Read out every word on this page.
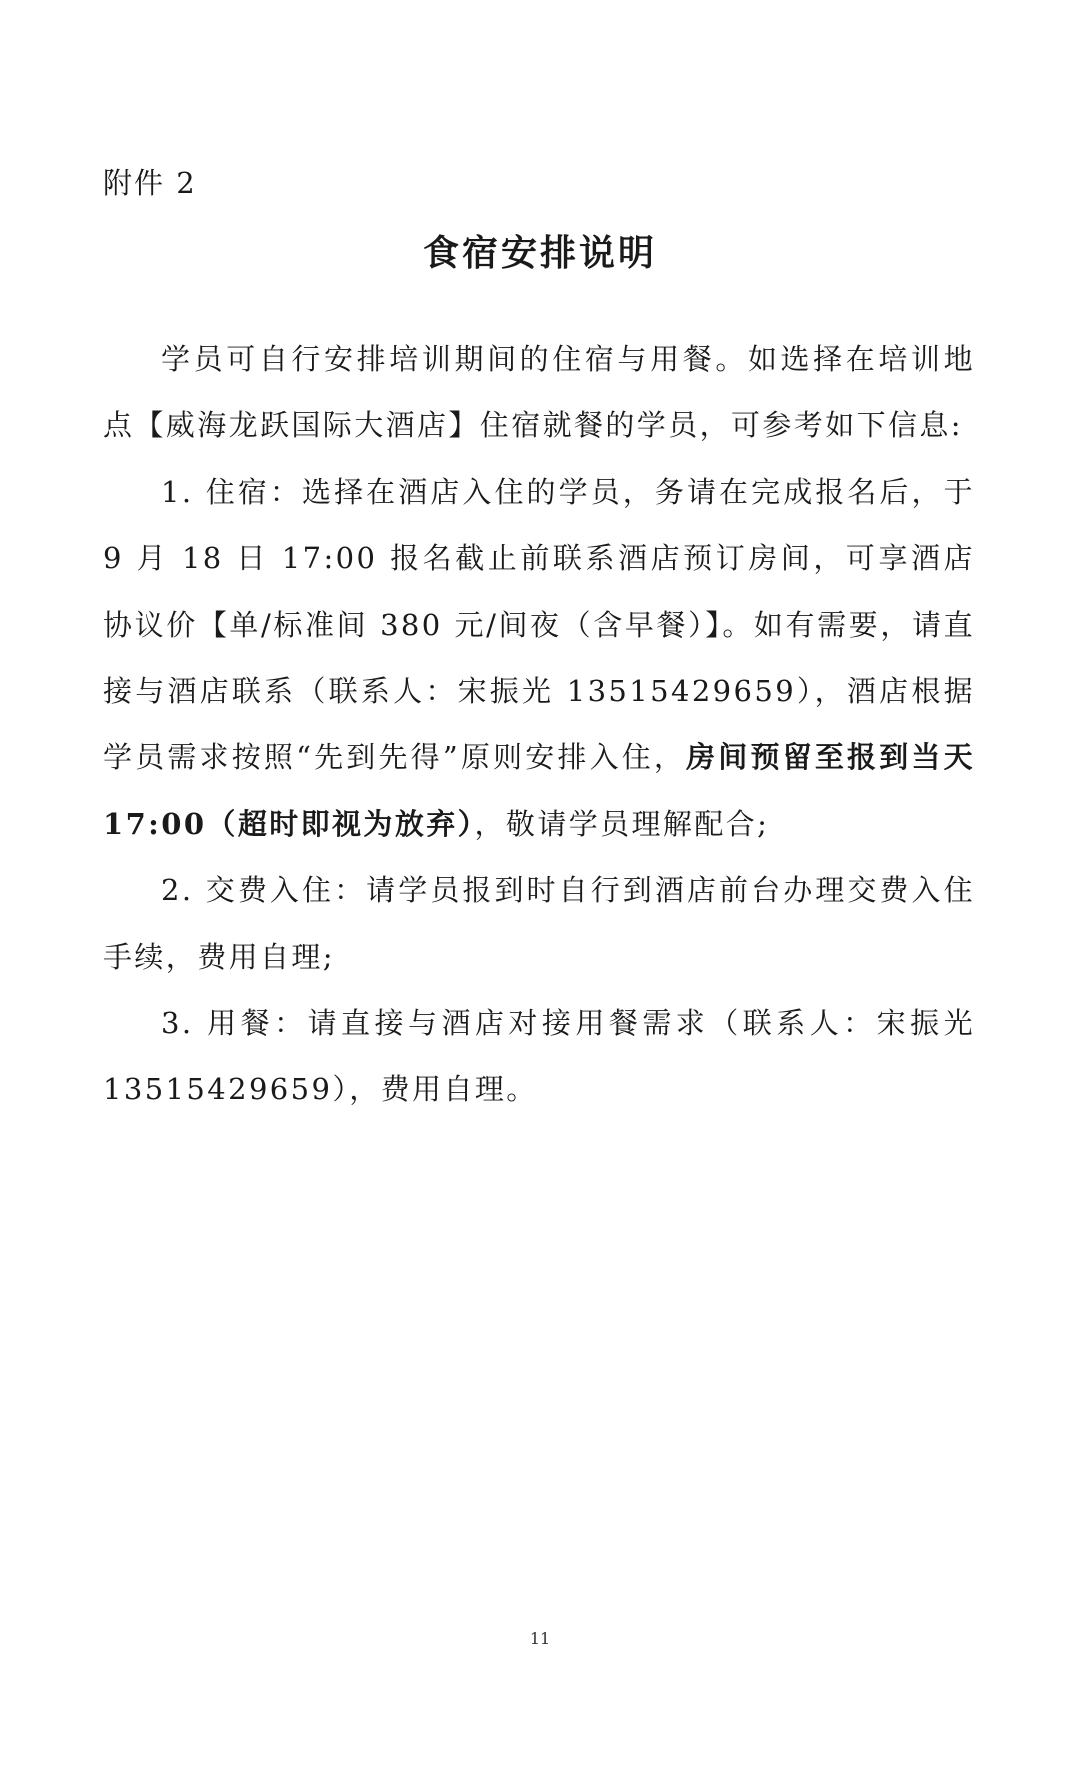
附件 2
食宿安排说明

学员可自行安排培训期间的住宿与用餐。如选择在培训地点【威海龙跃国际大酒店】住宿就餐的学员，可参考如下信息:

1. 住宿：选择在酒店入住的学员，务请在完成报名后，于 9 月 18 日 17:00 报名截止前联系酒店预订房间，可享酒店协议价【单/标准间 380 元/间夜（含早餐）】。如有需要，请直接与酒店联系（联系人：宋振光 13515429659），酒店根据学员需求按照“先到先得”原则安排入住，房间预留至报到当天 17:00（超时即视为放弃），敬请学员理解配合;

2. 交费入住：请学员报到时自行到酒店前台办理交费入住手续，费用自理;

3. 用餐：请直接与酒店对接用餐需求（联系人：宋振光 13515429659），费用自理。

11
